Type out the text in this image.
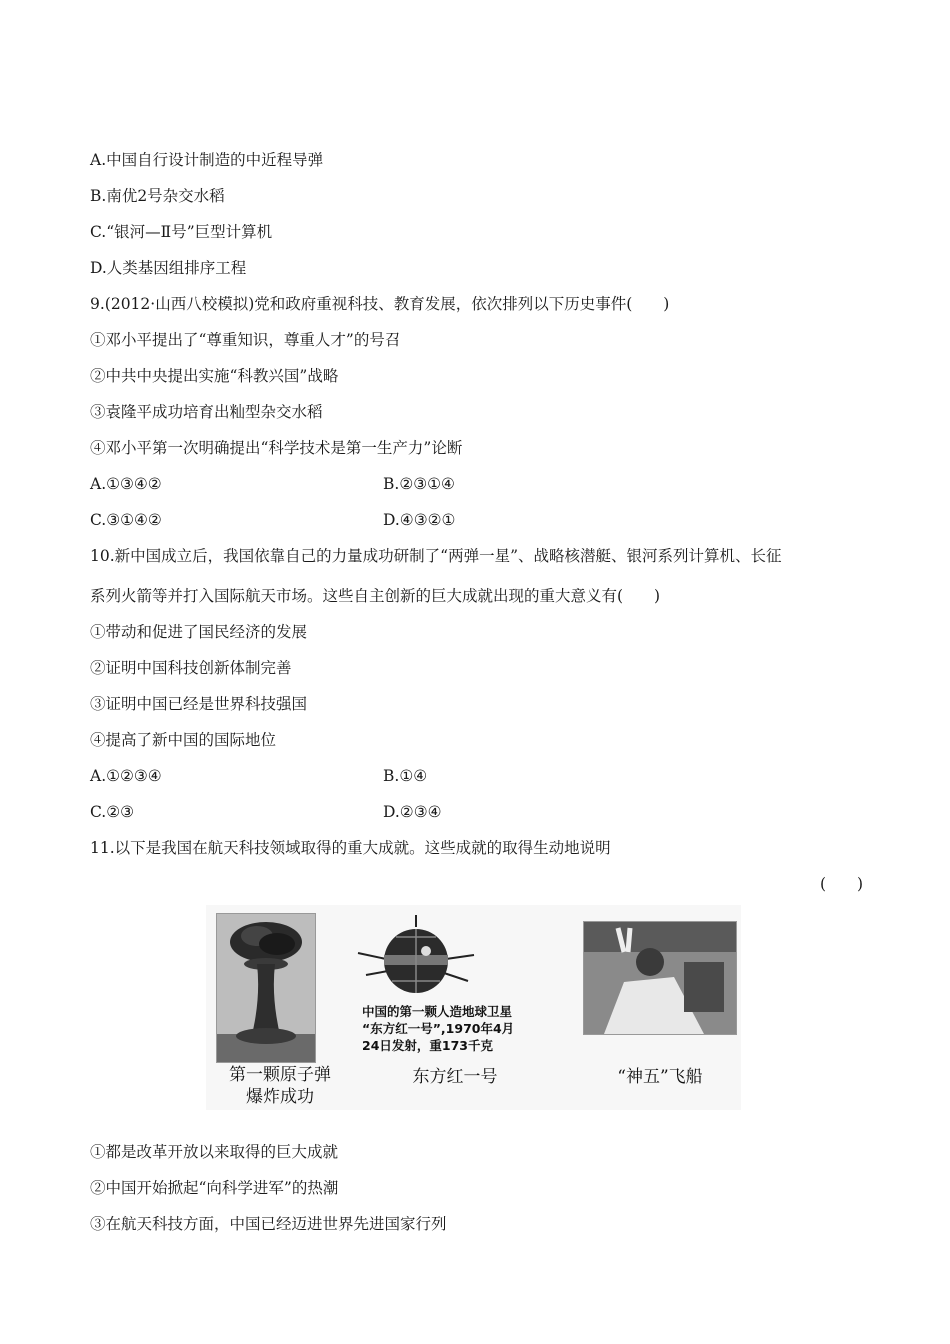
A.中国自行设计制造的中近程导弹
B.南优2号杂交水稻
C.“银河—Ⅱ号”巨型计算机
D.人类基因组排序工程
9.(2012·山西八校模拟)党和政府重视科技、教育发展，依次排列以下历史事件(　　)
①邓小平提出了“尊重知识，尊重人才”的号召
②中共中央提出实施“科教兴国”战略
③袁隆平成功培育出籼型杂交水稻
④邓小平第一次明确提出“科学技术是第一生产力”论断
A.①③④②	B.②③①④
C.③①④②	D.④③②①
10.新中国成立后，我国依靠自己的力量成功研制了“两弹一星”、战略核潜艇、银河系列计算机、长征
系列火箭等并打入国际航天市场。这些自主创新的巨大成就出现的重大意义有(　　)
①带动和促进了国民经济的发展
②证明中国科技创新体制完善
③证明中国已经是世界科技强国
④提高了新中国的国际地位
A.①②③④	B.①④
C.②③	D.②③④
11.以下是我国在航天科技领域取得的重大成就。这些成就的取得生动地说明
(　　)
中国的第一颗人造地球卫星
“东方红一号”,1970年4月
24日发射，重173千克
第一颗原子弹
爆炸成功
东方红一号	“神五”飞船
①都是改革开放以来取得的巨大成就
②中国开始掀起“向科学进军”的热潮
③在航天科技方面，中国已经迈进世界先进国家行列
